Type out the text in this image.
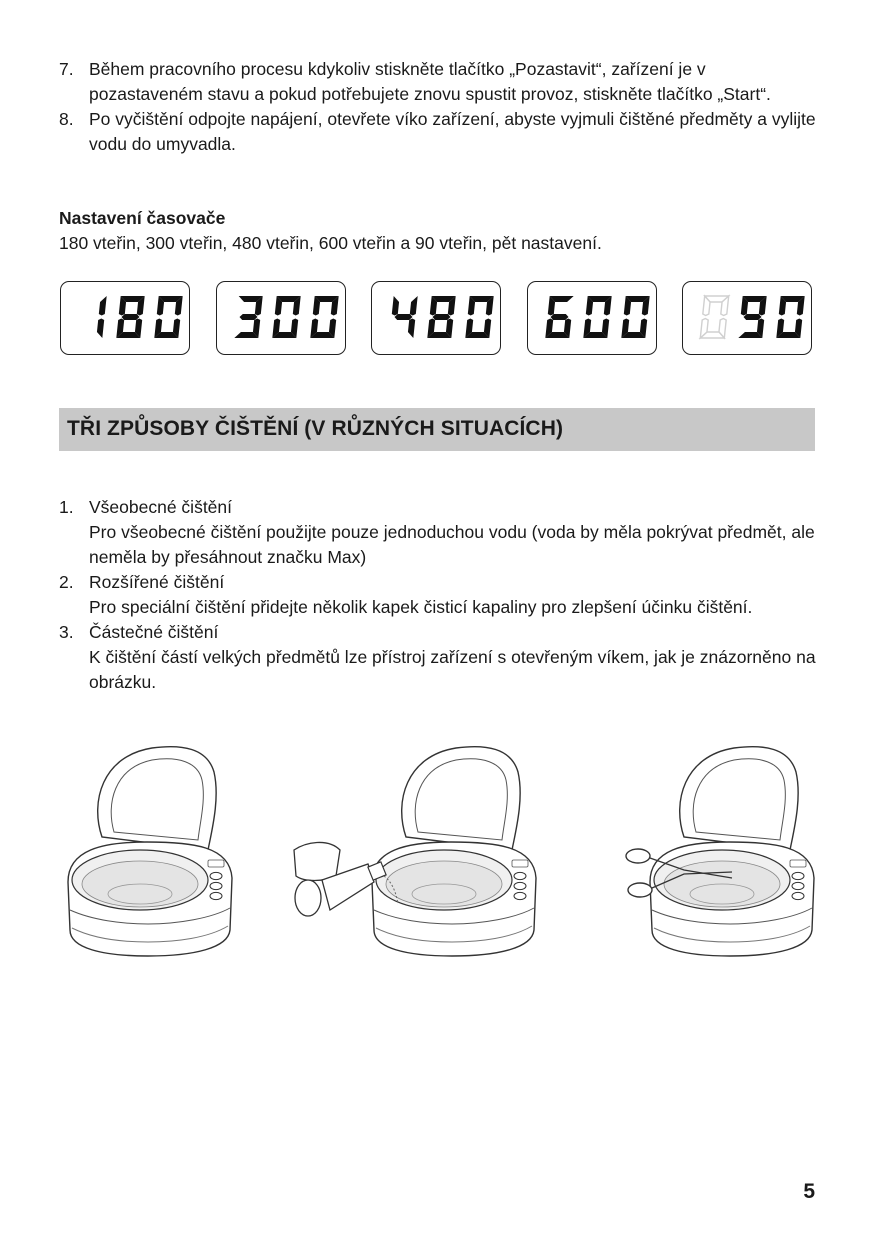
7. Během pracovního procesu kdykoliv stiskněte tlačítko „Pozastavit“, zařízení je v pozastaveném stavu a pokud potřebujete znovu spustit provoz, stiskněte tlačítko „Start“.
8. Po vyčištění odpojte napájení, otevřete víko zařízení, abyste vyjmuli čištěné předměty a vylijte vodu do umyvadla.
Nastavení časovače
180 vteřin, 300 vteřin, 480 vteřin, 600 vteřin a 90 vteřin, pět nastavení.
TŘI ZPŮSOBY ČIŠTĚNÍ (V RŮZNÝCH SITUACÍCH)
1. Všeobecné čištění
Pro všeobecné čištění použijte pouze jednoduchou vodu (voda by měla pokrývat předmět, ale neměla by přesáhnout značku Max)
2. Rozšířené čištění
Pro speciální čištění přidejte několik kapek čisticí kapaliny pro zlepšení účinku čištění.
3. Částečné čištění
K čištění částí velkých předmětů lze přístroj zařízení s otevřeným víkem, jak je znázorněno na obrázku.
5
